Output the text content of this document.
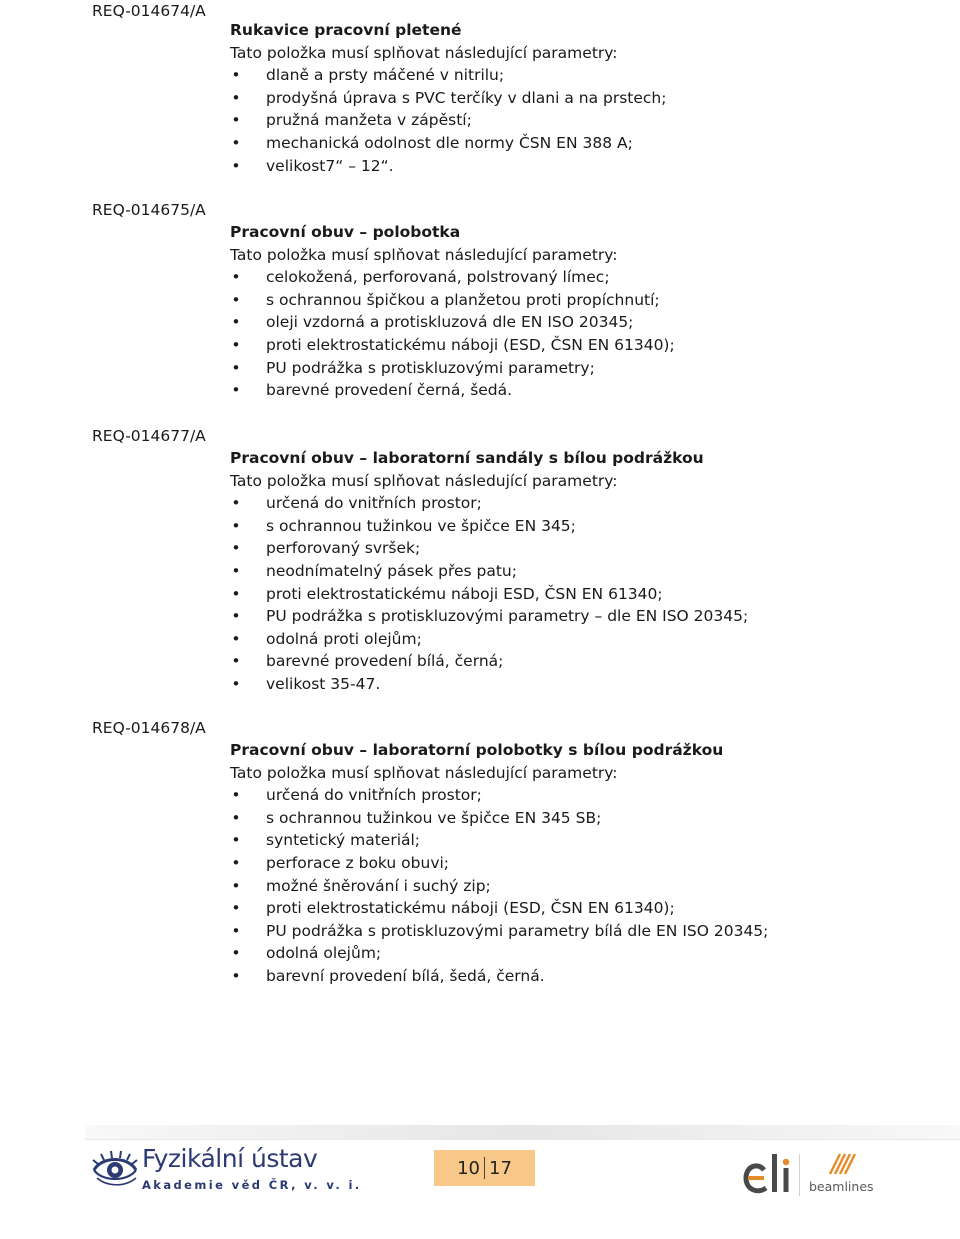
REQ-014674/A
Rukavice pracovní pletené
Tato položka musí splňovat následující parametry:
• dlaně a prsty máčené v nitrilu;
• prodyšná úprava s PVC terčíky v dlani a na prstech;
• pružná manžeta v zápěstí;
• mechanická odolnost dle normy ČSN EN 388 A;
• velikost7“ – 12“.
REQ-014675/A
Pracovní obuv – polobotka
Tato položka musí splňovat následující parametry:
• celokožená, perforovaná, polstrovaný límec;
• s ochrannou špičkou a planžetou proti propíchnutí;
• oleji vzdorná a protiskluzová dle EN ISO 20345;
• proti elektrostatickému náboji (ESD, ČSN EN 61340);
• PU podrážka s protiskluzovými parametry;
• barevné provedení černá, šedá.
REQ-014677/A
Pracovní obuv – laboratorní sandály s bílou podrážkou
Tato položka musí splňovat následující parametry:
• určená do vnitřních prostor;
• s ochrannou tužinkou ve špičce EN 345;
• perforovaný svršek;
• neodnímatelný pásek přes patu;
• proti elektrostatickému náboji ESD, ČSN EN 61340;
• PU podrážka s protiskluzovými parametry – dle EN ISO 20345;
• odolná proti olejům;
• barevné provedení bílá, černá;
• velikost 35-47.
REQ-014678/A
Pracovní obuv – laboratorní polobotky s bílou podrážkou
Tato položka musí splňovat následující parametry:
• určená do vnitřních prostor;
• s ochrannou tužinkou ve špičce EN 345 SB;
• syntetický materiál;
• perforace z boku obuvi;
• možné šněrování i suchý zip;
• proti elektrostatickému náboji (ESD, ČSN EN 61340);
• PU podrážka s protiskluzovými parametry bílá dle EN ISO 20345;
• odolná olejům;
• barevní provedení bílá, šedá, černá.
Fyzikální ústav
Akademie věd ČR, v. v. i.
10 17
beamlines
